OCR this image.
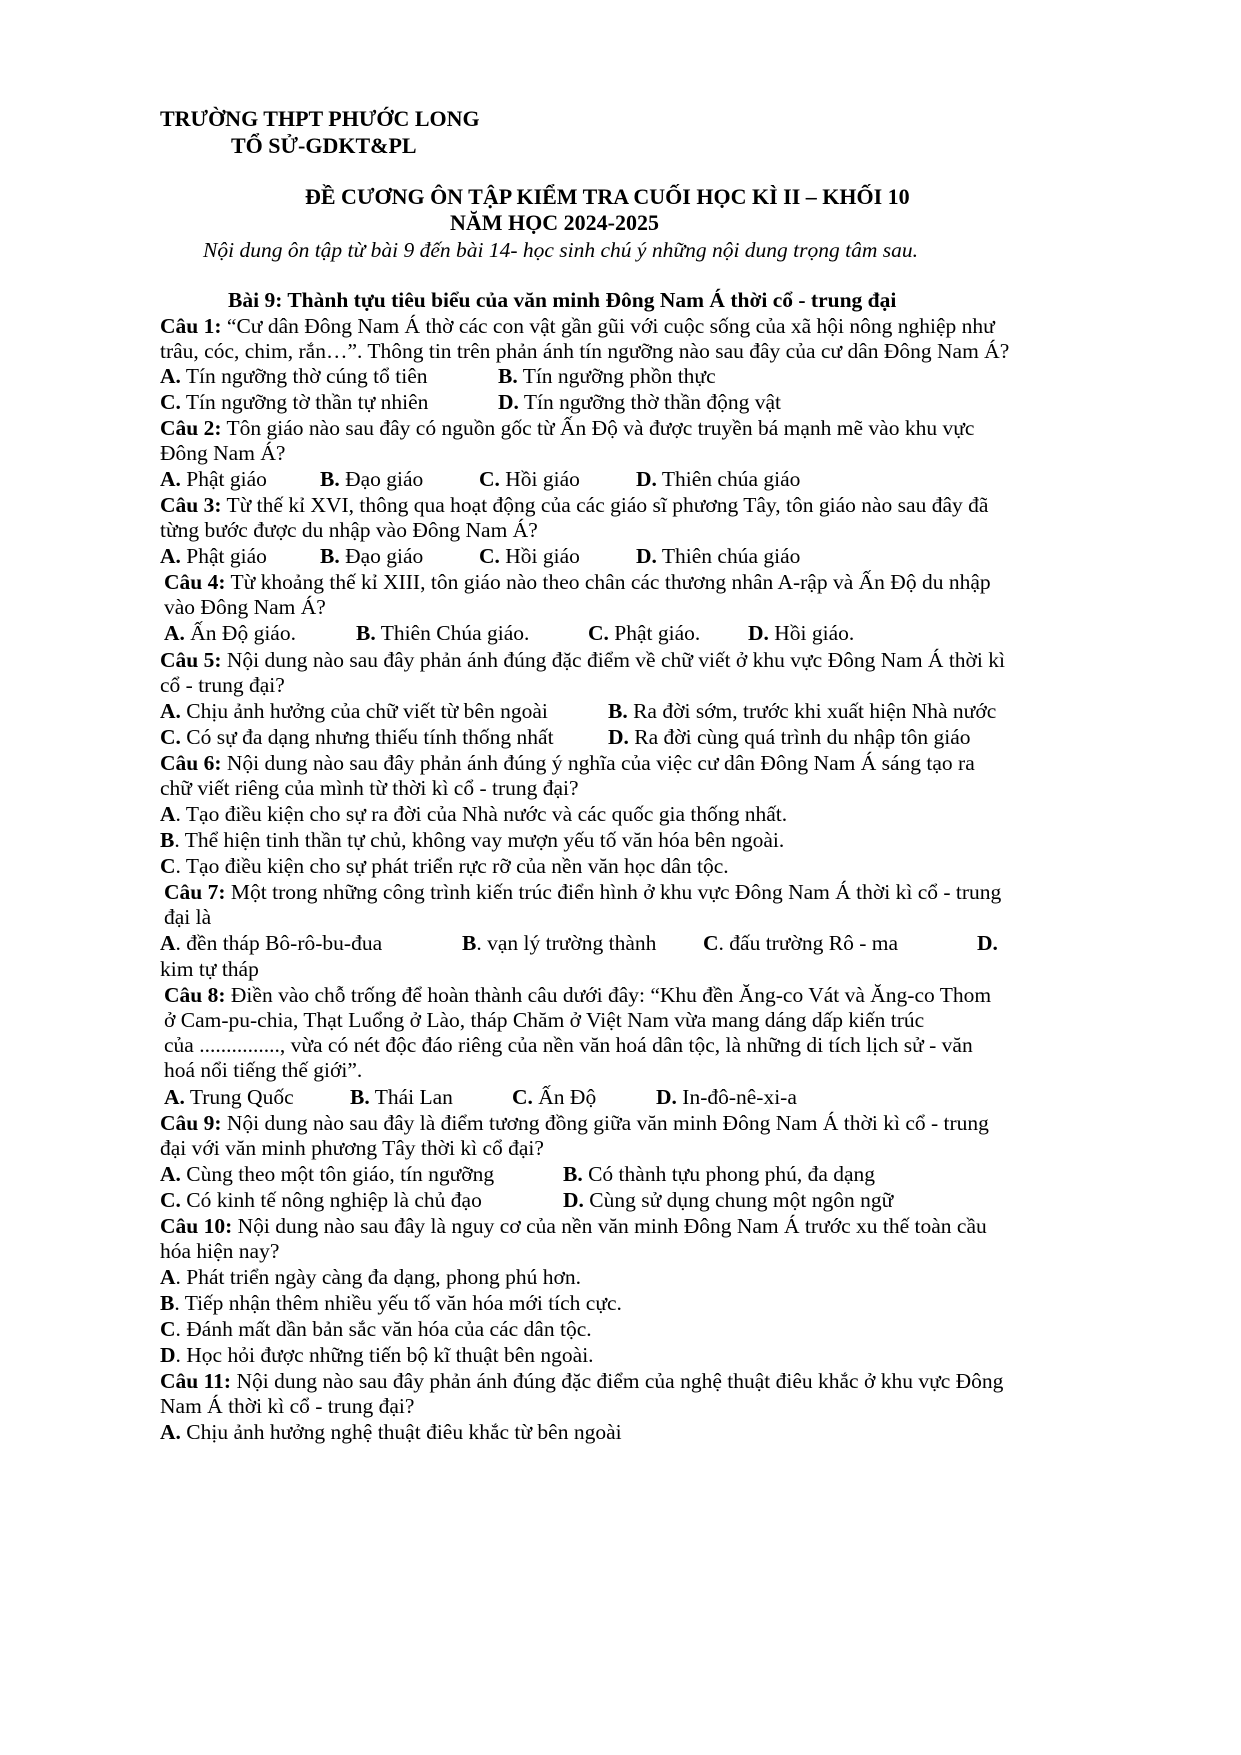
TRƯỜNG THPT PHƯỚC LONG
TỔ SỬ-GDKT&PL
ĐỀ CƯƠNG ÔN TẬP KIỂM TRA CUỐI HỌC KÌ II – KHỐI 10
NĂM HỌC 2024-2025
Nội dung ôn tập từ bài 9 đến bài 14- học sinh chú ý những nội dung trọng tâm sau.
Bài 9: Thành tựu tiêu biểu của văn minh Đông Nam Á thời cổ - trung đại
Câu 1: “Cư dân Đông Nam Á thờ các con vật gần gũi với cuộc sống của xã hội nông nghiệp như
trâu, cóc, chim, rắn…”. Thông tin trên phản ánh tín ngưỡng nào sau đây của cư dân Đông Nam Á?
A. Tín ngưỡng thờ cúng tổ tiên	B. Tín ngưỡng phồn thực
C. Tín ngưỡng tờ thần tự nhiên	D. Tín ngưỡng thờ thần động vật
Câu 2: Tôn giáo nào sau đây có nguồn gốc từ Ấn Độ và được truyền bá mạnh mẽ vào khu vực
Đông Nam Á?
A. Phật giáo B. Đạo giáo	C. Hồi giáo	D. Thiên chúa giáo
Câu 3: Từ thế kỉ XVI, thông qua hoạt động của các giáo sĩ phương Tây, tôn giáo nào sau đây đã
từng bước được du nhập vào Đông Nam Á?
A. Phật giáo B. Đạo giáo	C. Hồi giáo	D. Thiên chúa giáo
Câu 4: Từ khoảng thế kỉ XIII, tôn giáo nào theo chân các thương nhân A-rập và Ấn Độ du nhập
vào Đông Nam Á?
A. Ấn Độ giáo.	B. Thiên Chúa giáo.	C. Phật giáo. D. Hồi giáo.
Câu 5: Nội dung nào sau đây phản ánh đúng đặc điểm về chữ viết ở khu vực Đông Nam Á thời kì
cổ - trung đại?
A. Chịu ảnh hưởng của chữ viết từ bên ngoài	B. Ra đời sớm, trước khi xuất hiện Nhà nước
C. Có sự đa dạng nhưng thiếu tính thống nhất	D. Ra đời cùng quá trình du nhập tôn giáo
Câu 6: Nội dung nào sau đây phản ánh đúng ý nghĩa của việc cư dân Đông Nam Á sáng tạo ra
chữ viết riêng của mình từ thời kì cổ - trung đại?
A. Tạo điều kiện cho sự ra đời của Nhà nước và các quốc gia thống nhất.
B. Thể hiện tinh thần tự chủ, không vay mượn yếu tố văn hóa bên ngoài.
C. Tạo điều kiện cho sự phát triển rực rỡ của nền văn học dân tộc.
Câu 7: Một trong những công trình kiến trúc điển hình ở khu vực Đông Nam Á thời kì cổ - trung
đại là
A. đền tháp Bô-rô-bu-đua	B. vạn lý trường thành C. đấu trường Rô - ma	D.
kim tự tháp
Câu 8: Điền vào chỗ trống để hoàn thành câu dưới đây: “Khu đền Ăng-co Vát và Ăng-co Thom
ở Cam-pu-chia, Thạt Luổng ở Lào, tháp Chăm ở Việt Nam vừa mang dáng dấp kiến trúc
của ..............., vừa có nét độc đáo riêng của nền văn hoá dân tộc, là những di tích lịch sử - văn
hoá nổi tiếng thế giới”.
A. Trung Quốc	B. Thái Lan	C. Ấn Độ	D. In-đô-nê-xi-a
Câu 9: Nội dung nào sau đây là điểm tương đồng giữa văn minh Đông Nam Á thời kì cổ - trung
đại với văn minh phương Tây thời kì cổ đại?
A. Cùng theo một tôn giáo, tín ngưỡng	B. Có thành tựu phong phú, đa dạng
C. Có kinh tế nông nghiệp là chủ đạo	D. Cùng sử dụng chung một ngôn ngữ
Câu 10: Nội dung nào sau đây là nguy cơ của nền văn minh Đông Nam Á trước xu thế toàn cầu
hóa hiện nay?
A. Phát triển ngày càng đa dạng, phong phú hơn.
B. Tiếp nhận thêm nhiều yếu tố văn hóa mới tích cực.
C. Đánh mất dần bản sắc văn hóa của các dân tộc.
D. Học hỏi được những tiến bộ kĩ thuật bên ngoài.
Câu 11: Nội dung nào sau đây phản ánh đúng đặc điểm của nghệ thuật điêu khắc ở khu vực Đông
Nam Á thời kì cổ - trung đại?
A. Chịu ảnh hưởng nghệ thuật điêu khắc từ bên ngoài
